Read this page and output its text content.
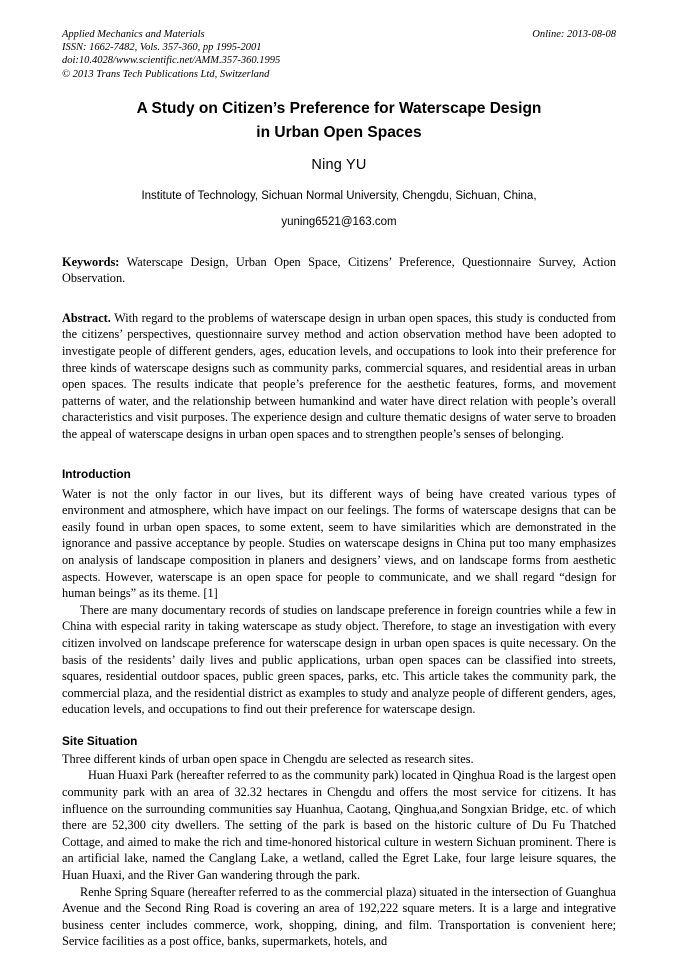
Applied Mechanics and Materials
ISSN: 1662-7482, Vols. 357-360, pp 1995-2001
doi:10.4028/www.scientific.net/AMM.357-360.1995
© 2013 Trans Tech Publications Ltd, Switzerland
Online: 2013-08-08
A Study on Citizen’s Preference for Waterscape Design
in Urban Open Spaces
Ning YU
Institute of Technology, Sichuan Normal University, Chengdu, Sichuan, China,
yuning6521@163.com
Keywords: Waterscape Design, Urban Open Space, Citizens’ Preference, Questionnaire Survey, Action Observation.
Abstract. With regard to the problems of waterscape design in urban open spaces, this study is conducted from the citizens’ perspectives, questionnaire survey method and action observation method have been adopted to investigate people of different genders, ages, education levels, and occupations to look into their preference for three kinds of waterscape designs such as community parks, commercial squares, and residential areas in urban open spaces. The results indicate that people’s preference for the aesthetic features, forms, and movement patterns of water, and the relationship between humankind and water have direct relation with people’s overall characteristics and visit purposes. The experience design and culture thematic designs of water serve to broaden the appeal of waterscape designs in urban open spaces and to strengthen people’s senses of belonging.
Introduction

Water is not the only factor in our lives, but its different ways of being have created various types of environment and atmosphere, which have impact on our feelings. The forms of waterscape designs that can be easily found in urban open spaces, to some extent, seem to have similarities which are demonstrated in the ignorance and passive acceptance by people. Studies on waterscape designs in China put too many emphasizes on analysis of landscape composition in planers and designers’ views, and on landscape forms from aesthetic aspects. However, waterscape is an open space for people to communicate, and we shall regard “design for human beings” as its theme. [1]

There are many documentary records of studies on landscape preference in foreign countries while a few in China with especial rarity in taking waterscape as study object. Therefore, to stage an investigation with every citizen involved on landscape preference for waterscape design in urban open spaces is quite necessary. On the basis of the residents’ daily lives and public applications, urban open spaces can be classified into streets, squares, residential outdoor spaces, public green spaces, parks, etc. This article takes the community park, the commercial plaza, and the residential district as examples to study and analyze people of different genders, ages, education levels, and occupations to find out their preference for waterscape design.

Site Situation

Three different kinds of urban open space in Chengdu are selected as research sites.

Huan Huaxi Park (hereafter referred to as the community park) located in Qinghua Road is the largest open community park with an area of 32.32 hectares in Chengdu and offers the most service for citizens. It has influence on the surrounding communities say Huanhua, Caotang, Qinghua,and Songxian Bridge, etc. of which there are 52,300 city dwellers. The setting of the park is based on the historic culture of Du Fu Thatched Cottage, and aimed to make the rich and time-honored historical culture in western Sichuan prominent. There is an artificial lake, named the Canglang Lake, a wetland, called the Egret Lake, four large leisure squares, the Huan Huaxi, and the River Gan wandering through the park.

Renhe Spring Square (hereafter referred to as the commercial plaza) situated in the intersection of Guanghua Avenue and the Second Ring Road is covering an area of 192,222 square meters. It is a large and integrative business center includes commerce, work, shopping, dining, and film. Transportation is convenient here; Service facilities as a post office, banks, supermarkets, hotels, and
